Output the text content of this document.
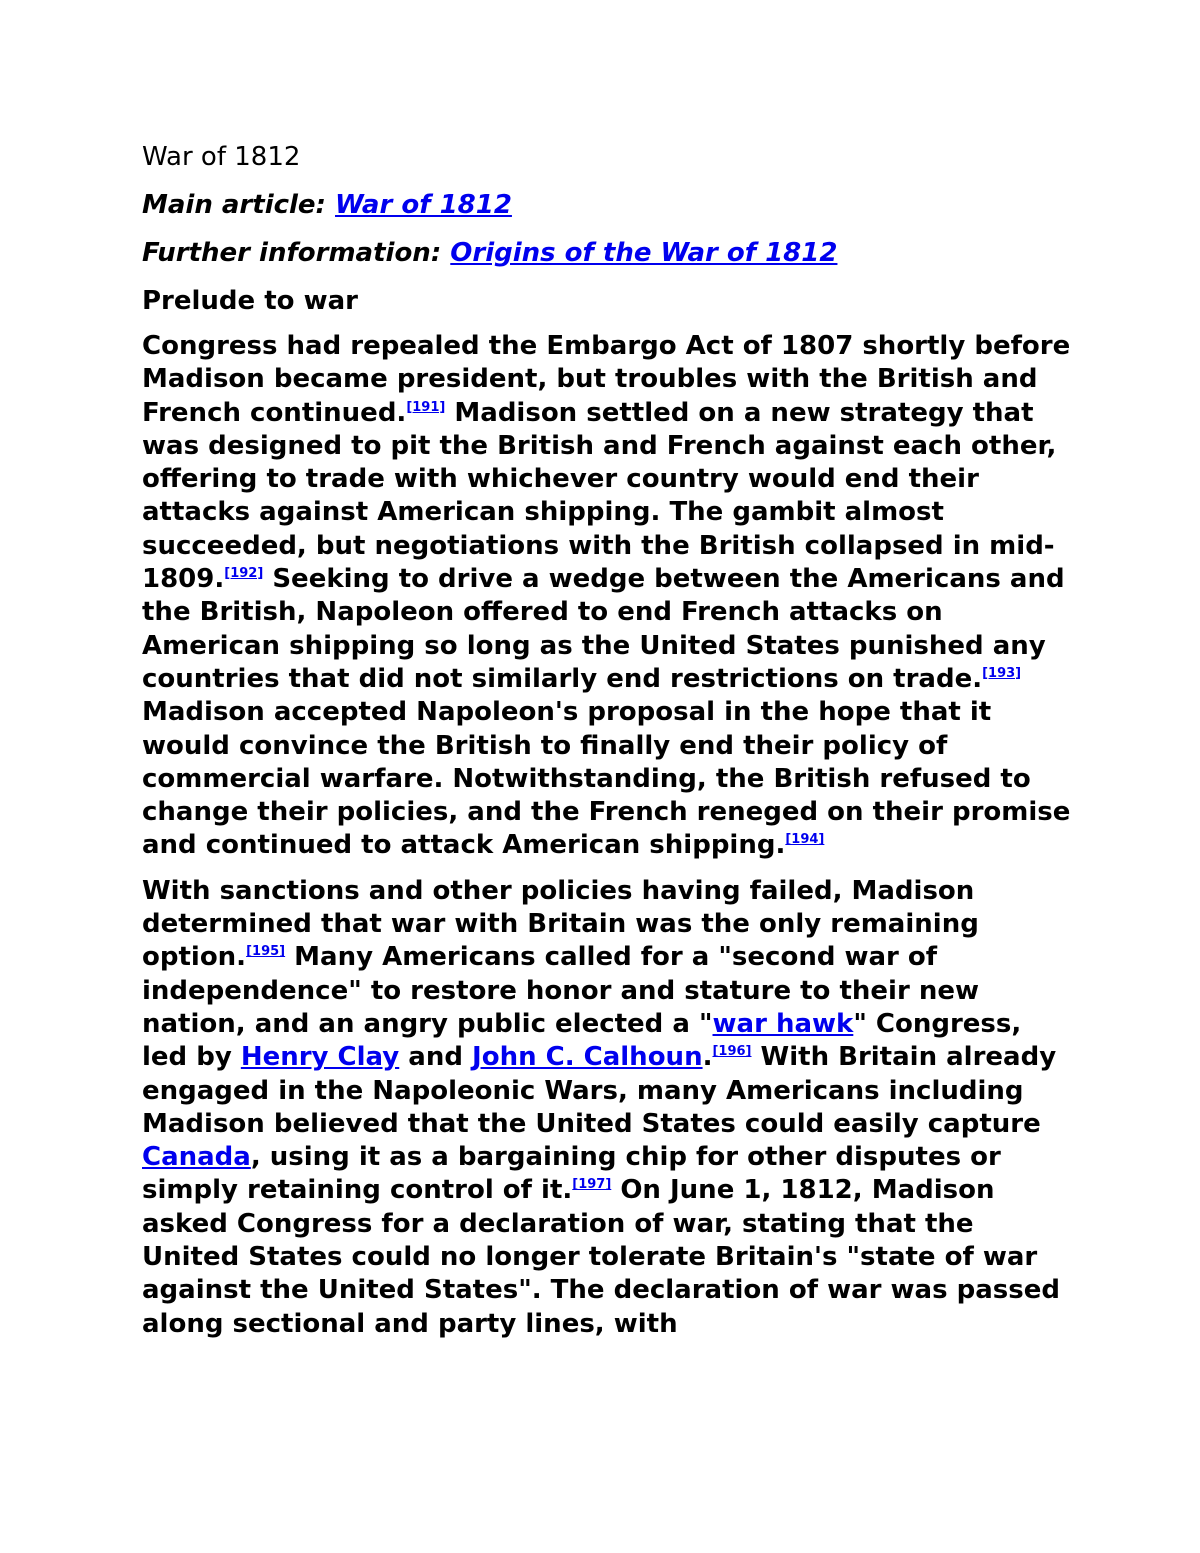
War of 1812
Main article: War of 1812
Further information: Origins of the War of 1812
Prelude to war

Congress had repealed the Embargo Act of 1807 shortly before Madison became president, but troubles with the British and French continued.[191] Madison settled on a new strategy that was designed to pit the British and French against each other, offering to trade with whichever country would end their attacks against American shipping. The gambit almost succeeded, but negotiations with the British collapsed in mid-1809.[192] Seeking to drive a wedge between the Americans and the British, Napoleon offered to end French attacks on American shipping so long as the United States punished any countries that did not similarly end restrictions on trade.[193] Madison accepted Napoleon's proposal in the hope that it would convince the British to finally end their policy of commercial warfare. Notwithstanding, the British refused to change their policies, and the French reneged on their promise and continued to attack American shipping.[194]

With sanctions and other policies having failed, Madison determined that war with Britain was the only remaining option.[195] Many Americans called for a "second war of independence" to restore honor and stature to their new nation, and an angry public elected a "war hawk" Congress, led by Henry Clay and John C. Calhoun.[196] With Britain already engaged in the Napoleonic Wars, many Americans including Madison believed that the United States could easily capture Canada, using it as a bargaining chip for other disputes or simply retaining control of it.[197] On June 1, 1812, Madison asked Congress for a declaration of war, stating that the United States could no longer tolerate Britain's "state of war against the United States". The declaration of war was passed along sectional and party lines, with
